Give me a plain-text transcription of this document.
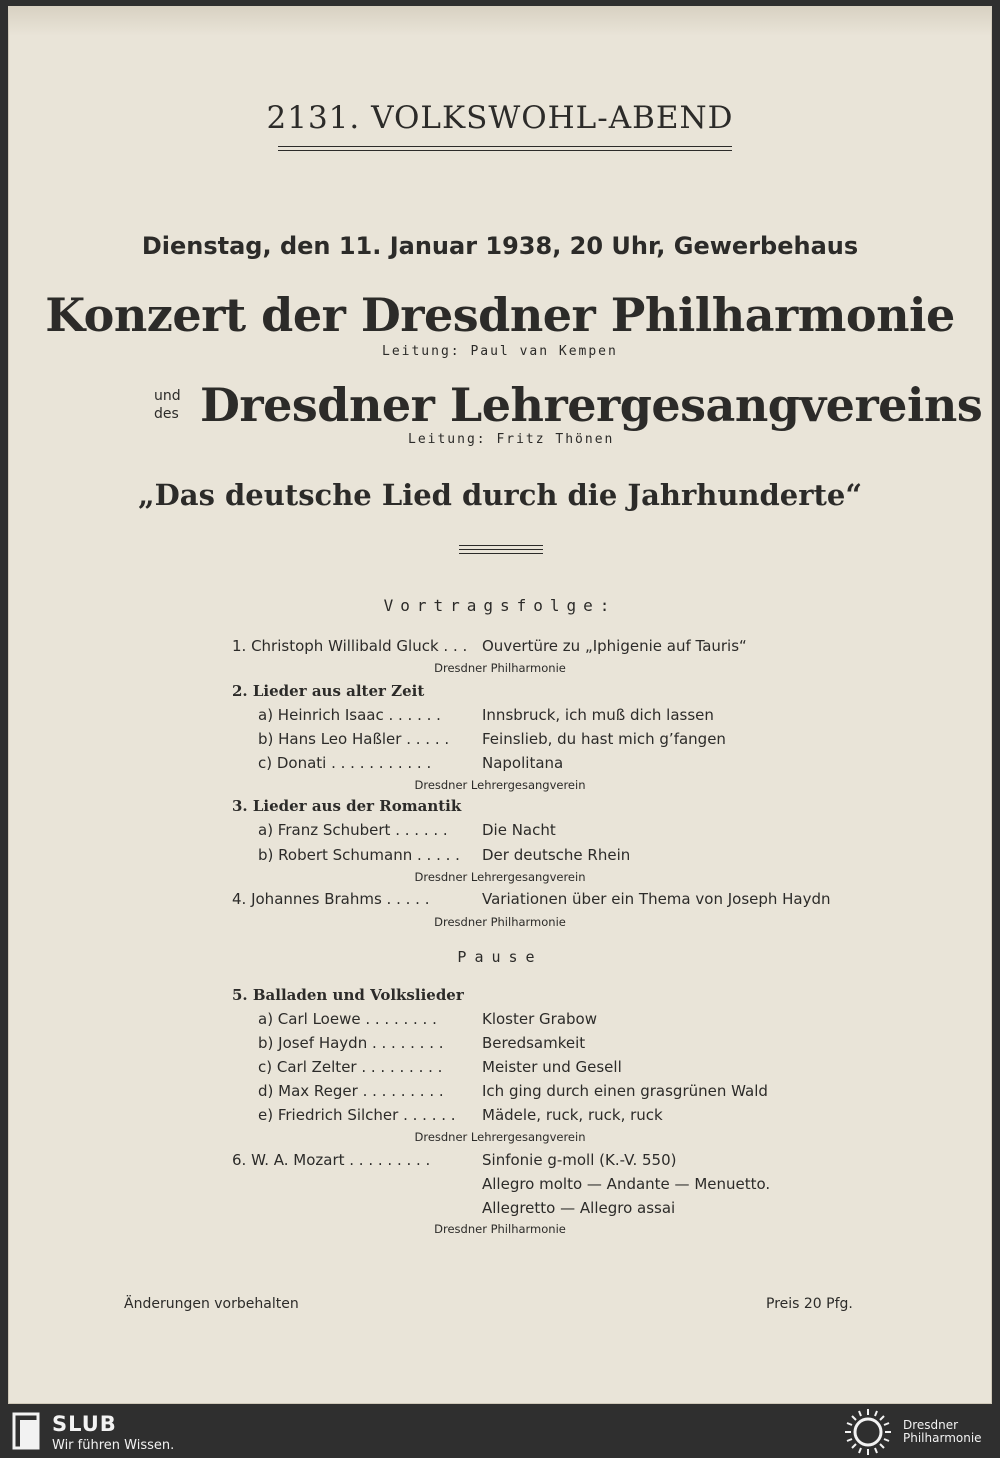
2131. VOLKSWOHL-ABEND
Dienstag, den 11. Januar 1938, 20 Uhr, Gewerbehaus
Konzert der Dresdner Philharmonie
Leitung: Paul van Kempen
und
des Dresdner Lehrergesangvereins
Leitung: Fritz Thönen
„Das deutsche Lied durch die Jahrhunderte“
Vortragsfolge:
1. Christoph Willibald Gluck . . . Ouvertüre zu „Iphigenie auf Tauris“
Dresdner Philharmonie
2. Lieder aus alter Zeit
a) Heinrich Isaac . . . . . .	Innsbruck, ich muß dich lassen
b) Hans Leo Haßler . . . . . Feinslieb, du hast mich g’fangen
c) Donati . . . . . . . . . . .	Napolitana
Dresdner Lehrergesangverein
3. Lieder aus der Romantik
a) Franz Schubert . . . . . . Die Nacht
b) Robert Schumann . . . . . Der deutsche Rhein
Dresdner Lehrergesangverein
4. Johannes Brahms . . . . .	Variationen über ein Thema von Joseph Haydn
Dresdner Philharmonie
Pause
5. Balladen und Volkslieder
a) Carl Loewe . . . . . . . .	Kloster Grabow
b) Josef Haydn . . . . . . . .	Beredsamkeit
c) Carl Zelter . . . . . . . . .	Meister und Gesell
d) Max Reger . . . . . . . . .	Ich ging durch einen grasgrünen Wald
e) Friedrich Silcher . . . . . . Mädele, ruck, ruck, ruck
Dresdner Lehrergesangverein
6. W. A. Mozart . . . . . . . . .	Sinfonie g-moll (K.-V. 550)
Allegro molto — Andante — Menuetto.
Allegretto — Allegro assai
Dresdner Philharmonie
Änderungen vorbehalten	Preis 20 Pfg.
SLUB
Wir führen Wissen.
Dresdner
Philharmonie
